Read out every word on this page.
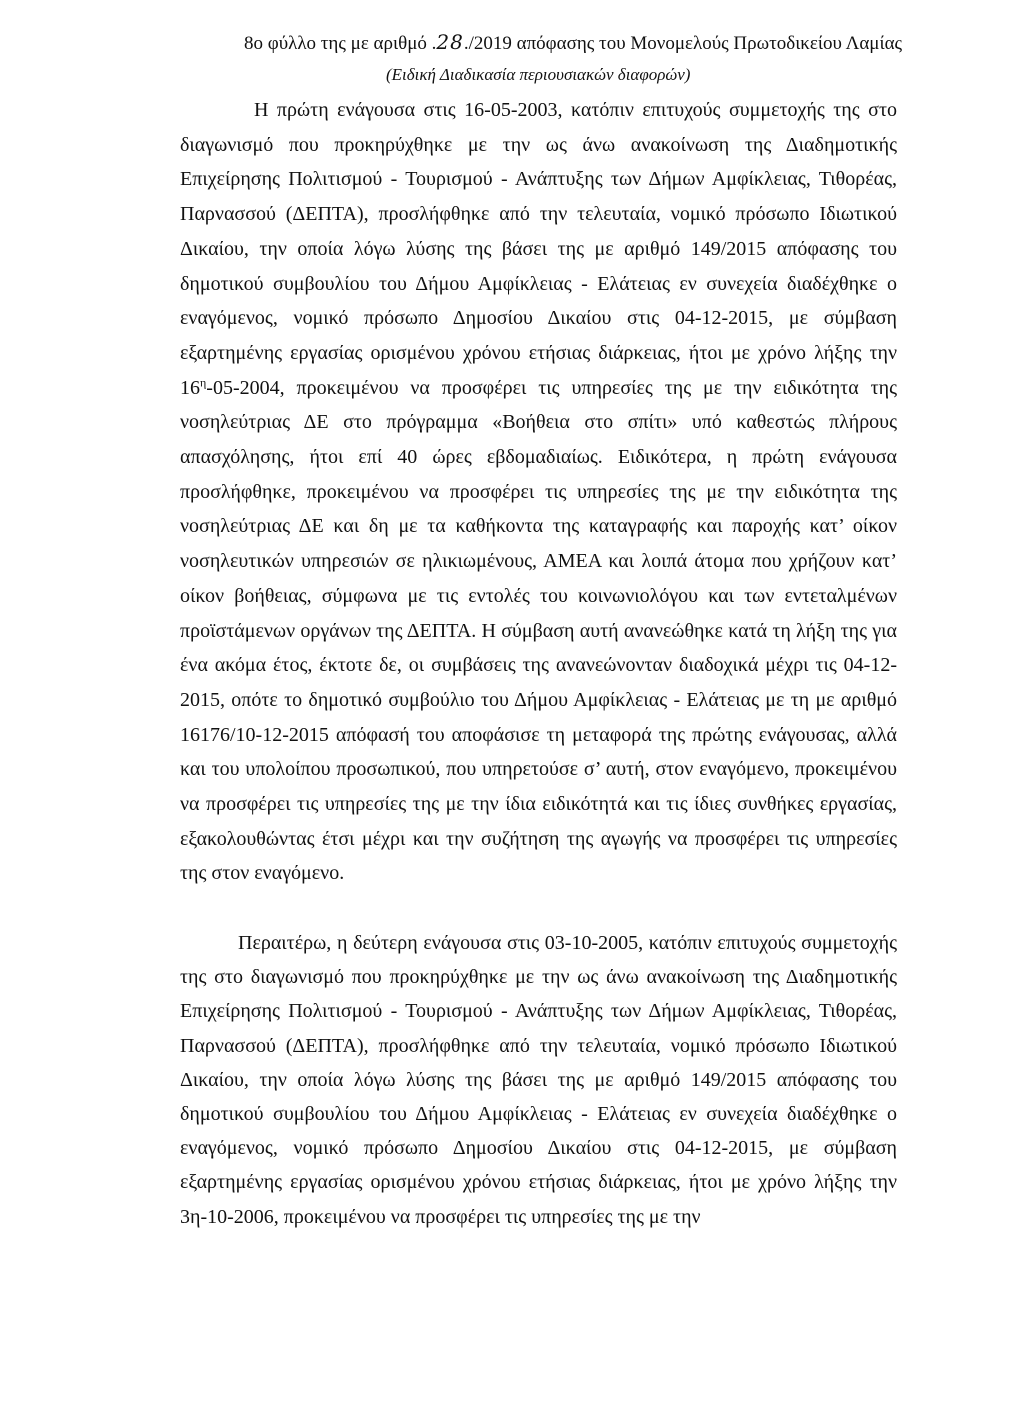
8ο φύλλο της με αριθμό .28./2019 απόφασης του Μονομελούς Πρωτοδικείου Λαμίας
(Ειδική Διαδικασία περιουσιακών διαφορών)

Η πρώτη ενάγουσα στις 16-05-2003, κατόπιν επιτυχούς συμμετοχής της στο διαγωνισμό που προκηρύχθηκε με την ως άνω ανακοίνωση της Διαδημοτικής Επιχείρησης Πολιτισμού - Τουρισμού - Ανάπτυξης των Δήμων Αμφίκλειας, Τιθορέας, Παρνασσού (ΔΕΠΤΑ), προσλήφθηκε από την τελευταία, νομικό πρόσωπο Ιδιωτικού Δικαίου, την οποία λόγω λύσης της βάσει της με αριθμό 149/2015 απόφασης του δημοτικού συμβουλίου του Δήμου Αμφίκλειας - Ελάτειας εν συνεχεία διαδέχθηκε ο εναγόμενος, νομικό πρόσωπο Δημοσίου Δικαίου στις 04-12-2015, με σύμβαση εξαρτημένης εργασίας ορισμένου χρόνου ετήσιας διάρκειας, ήτοι με χρόνο λήξης την $16^\eta-05-2004$, προκειμένου να προσφέρει τις υπηρεσίες της με την ειδικότητα της νοσηλεύτριας ΔΕ στο πρόγραμμα «Βοήθεια στο σπίτι» υπό καθεστώς πλήρους απασχόλησης, ήτοι επί 40 ώρες εβδομαδιαίως. Ειδικότερα, η πρώτη ενάγουσα προσλήφθηκε, προκειμένου να προσφέρει τις υπηρεσίες της με την ειδικότητα της νοσηλεύτριας ΔΕ και δη με τα καθήκοντα της καταγραφής και παροχής κατ’ οίκον νοσηλευτικών υπηρεσιών σε ηλικιωμένους, ΑΜΕΑ και λοιπά άτομα που χρήζουν κατ’ οίκον βοήθειας, σύμφωνα με τις εντολές του κοινωνιολόγου και των εντεταλμένων προϊστάμενων οργάνων της ΔΕΠΤΑ. Η σύμβαση αυτή ανανεώθηκε κατά τη λήξη της για ένα ακόμα έτος, έκτοτε δε, οι συμβάσεις της ανανεώνονταν διαδοχικά μέχρι τις 04-12-2015, οπότε το δημοτικό συμβούλιο του Δήμου Αμφίκλειας - Ελάτειας με τη με αριθμό 16176/10-12-2015 απόφασή του αποφάσισε τη μεταφορά της πρώτης ενάγουσας, αλλά και του υπολοίπου προσωπικού, που υπηρετούσε σ’ αυτή, στον εναγόμενο, προκειμένου να προσφέρει τις υπηρεσίες της με την ίδια ειδικότητά και τις ίδιες συνθήκες εργασίας, εξακολουθώντας έτσι μέχρι και την συζήτηση της αγωγής να προσφέρει τις υπηρεσίες της στον εναγόμενο.

Περαιτέρω, η δεύτερη ενάγουσα στις 03-10-2005, κατόπιν επιτυχούς συμμετοχής της στο διαγωνισμό που προκηρύχθηκε με την ως άνω ανακοίνωση της Διαδημοτικής Επιχείρησης Πολιτισμού - Τουρισμού - Ανάπτυξης των Δήμων Αμφίκλειας, Τιθορέας, Παρνασσού (ΔΕΠΤΑ), προσλήφθηκε από την τελευταία, νομικό πρόσωπο Ιδιωτικού Δικαίου, την οποία λόγω λύσης της βάσει της με αριθμό 149/2015 απόφασης του δημοτικού συμβουλίου του Δήμου Αμφίκλειας - Ελάτειας εν συνεχεία διαδέχθηκε ο εναγόμενος, νομικό πρόσωπο Δημοσίου Δικαίου στις 04-12-2015, με σύμβαση εξαρτημένης εργασίας ορισμένου χρόνου ετήσιας διάρκειας, ήτοι με χρόνο λήξης την 3η-10-2006, προκειμένου να προσφέρει τις υπηρεσίες της με την
